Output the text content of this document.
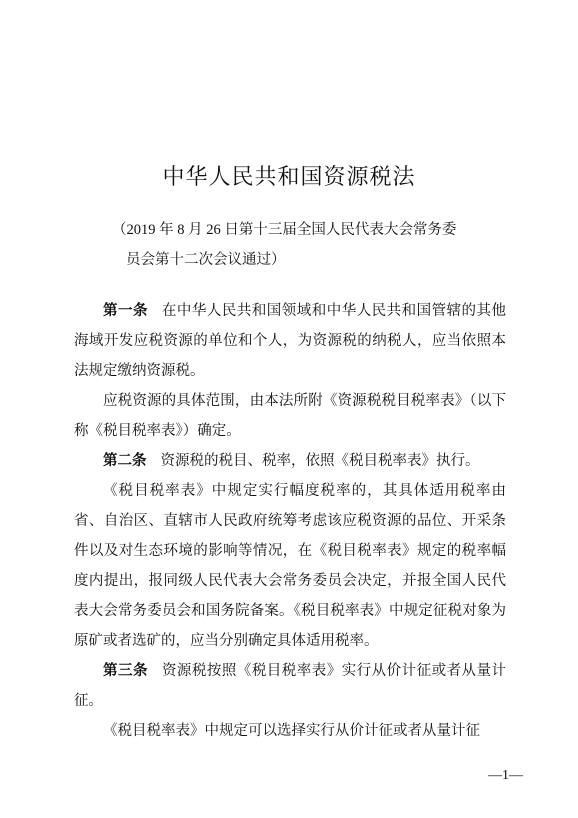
中华人民共和国资源税法
（2019 年 8 月 26 日第十三届全国人民代表大会常务委
员会第十二次会议通过）

第一条 在中华人民共和国领域和中华人民共和国管辖的其他海域开发应税资源的单位和个人，为资源税的纳税人，应当依照本法规定缴纳资源税。

应税资源的具体范围，由本法所附《资源税税目税率表》（以下称《税目税率表》）确定。

第二条 资源税的税目、税率，依照《税目税率表》执行。

《税目税率表》中规定实行幅度税率的，其具体适用税率由省、自治区、直辖市人民政府统筹考虑该应税资源的品位、开采条件以及对生态环境的影响等情况，在《税目税率表》规定的税率幅度内提出，报同级人民代表大会常务委员会决定，并报全国人民代表大会常务委员会和国务院备案。《税目税率表》中规定征税对象为原矿或者选矿的，应当分别确定具体适用税率。

第三条 资源税按照《税目税率表》实行从价计征或者从量计征。

《税目税率表》中规定可以选择实行从价计征或者从量计征

—1—
